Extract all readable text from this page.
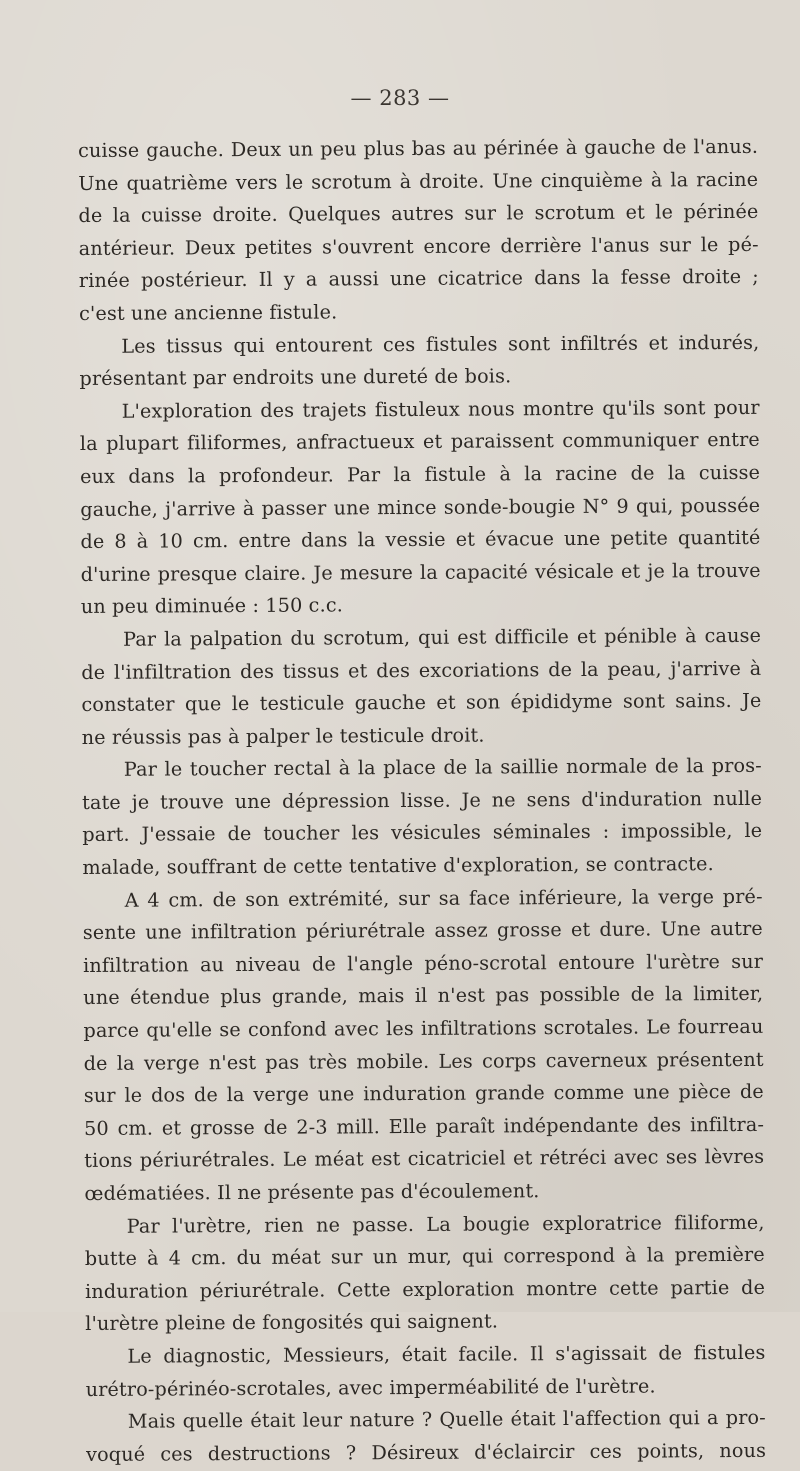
— 283 —
cuisse gauche. Deux un peu plus bas au périnée à gauche de l'anus.
Une quatrième vers le scrotum à droite. Une cinquième à la racine
de la cuisse droite. Quelques autres sur le scrotum et le périnée
antérieur. Deux petites s'ouvrent encore derrière l'anus sur le pé-
rinée postérieur. Il y a aussi une cicatrice dans la fesse droite ;
c'est une ancienne fistule.
Les tissus qui entourent ces fistules sont infiltrés et indurés,
présentant par endroits une dureté de bois.
L'exploration des trajets fistuleux nous montre qu'ils sont pour
la plupart filiformes, anfractueux et paraissent communiquer entre
eux dans la profondeur. Par la fistule à la racine de la cuisse
gauche, j'arrive à passer une mince sonde-bougie N° 9 qui, poussée
de 8 à 10 cm. entre dans la vessie et évacue une petite quantité
d'urine presque claire. Je mesure la capacité vésicale et je la trouve
un peu diminuée : 150 c.c.
Par la palpation du scrotum, qui est difficile et pénible à cause
de l'infiltration des tissus et des excoriations de la peau, j'arrive à
constater que le testicule gauche et son épididyme sont sains. Je
ne réussis pas à palper le testicule droit.
Par le toucher rectal à la place de la saillie normale de la pros-
tate je trouve une dépression lisse. Je ne sens d'induration nulle
part. J'essaie de toucher les vésicules séminales : impossible, le
malade, souffrant de cette tentative d'exploration, se contracte.
A 4 cm. de son extrémité, sur sa face inférieure, la verge pré-
sente une infiltration périurétrale assez grosse et dure. Une autre
infiltration au niveau de l'angle péno-scrotal entoure l'urètre sur
une étendue plus grande, mais il n'est pas possible de la limiter,
parce qu'elle se confond avec les infiltrations scrotales. Le fourreau
de la verge n'est pas très mobile. Les corps caverneux présentent
sur le dos de la verge une induration grande comme une pièce de
50 cm. et grosse de 2-3 mill. Elle paraît indépendante des infiltra-
tions périurétrales. Le méat est cicatriciel et rétréci avec ses lèvres
œdématiées. Il ne présente pas d'écoulement.
Par l'urètre, rien ne passe. La bougie exploratrice filiforme,
butte à 4 cm. du méat sur un mur, qui correspond à la première
induration périurétrale. Cette exploration montre cette partie de
l'urètre pleine de fongosités qui saignent.
Le diagnostic, Messieurs, était facile. Il s'agissait de fistules
urétro-périnéo-scrotales, avec imperméabilité de l'urètre.
Mais quelle était leur nature ? Quelle était l'affection qui a pro-
voqué ces destructions ? Désireux d'éclaircir ces points, nous
